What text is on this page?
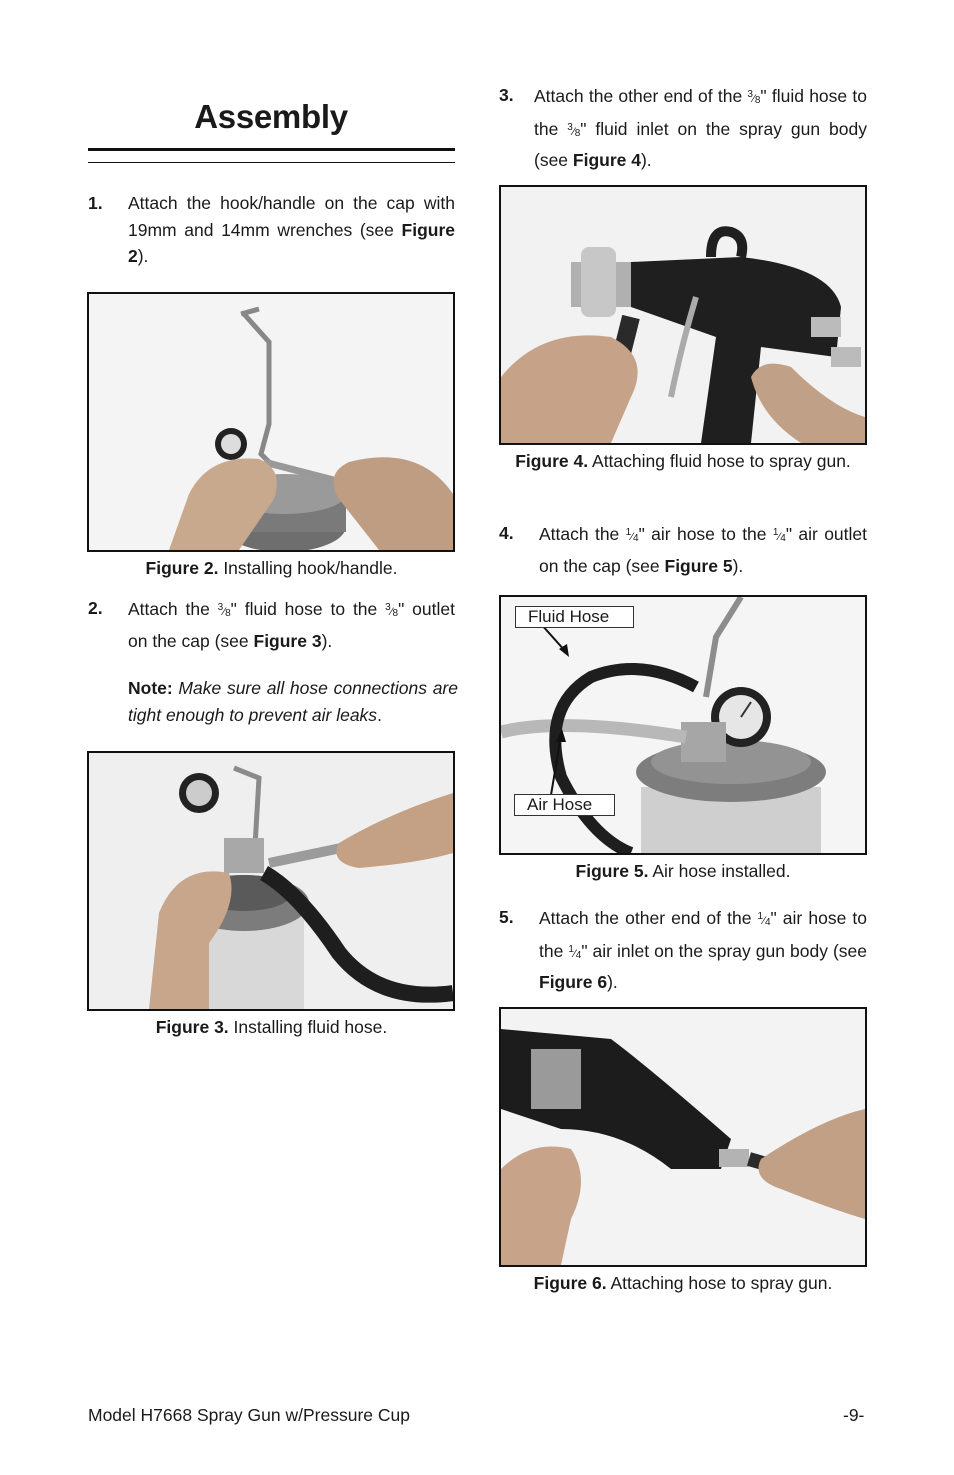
Assembly
1. Attach the hook/handle on the cap with 19mm and 14mm wrenches (see Figure 2).
Figure 2. Installing hook/handle.
2. Attach the $^3⁄_8$" fluid hose to the $^3⁄_8$" outlet on the cap (see Figure 3).
Note: Make sure all hose connections are tight enough to prevent air leaks.
Figure 3. Installing fluid hose.
3. Attach the other end of the $^3⁄_8$" fluid hose to the $^3⁄_8$" fluid inlet on the spray gun body (see Figure 4).
Figure 4. Attaching fluid hose to spray gun.
4. Attach the $^1⁄_4$" air hose to the $^1⁄_4$" air outlet on the cap (see Figure 5).
Fluid Hose
Air Hose
Figure 5. Air hose installed.
5. Attach the other end of the $^1⁄_4$" air hose to the $^1⁄_4$" air inlet on the spray gun body (see Figure 6).
Figure 6. Attaching hose to spray gun.
Model H7668 Spray Gun w/Pressure Cup	-9-
